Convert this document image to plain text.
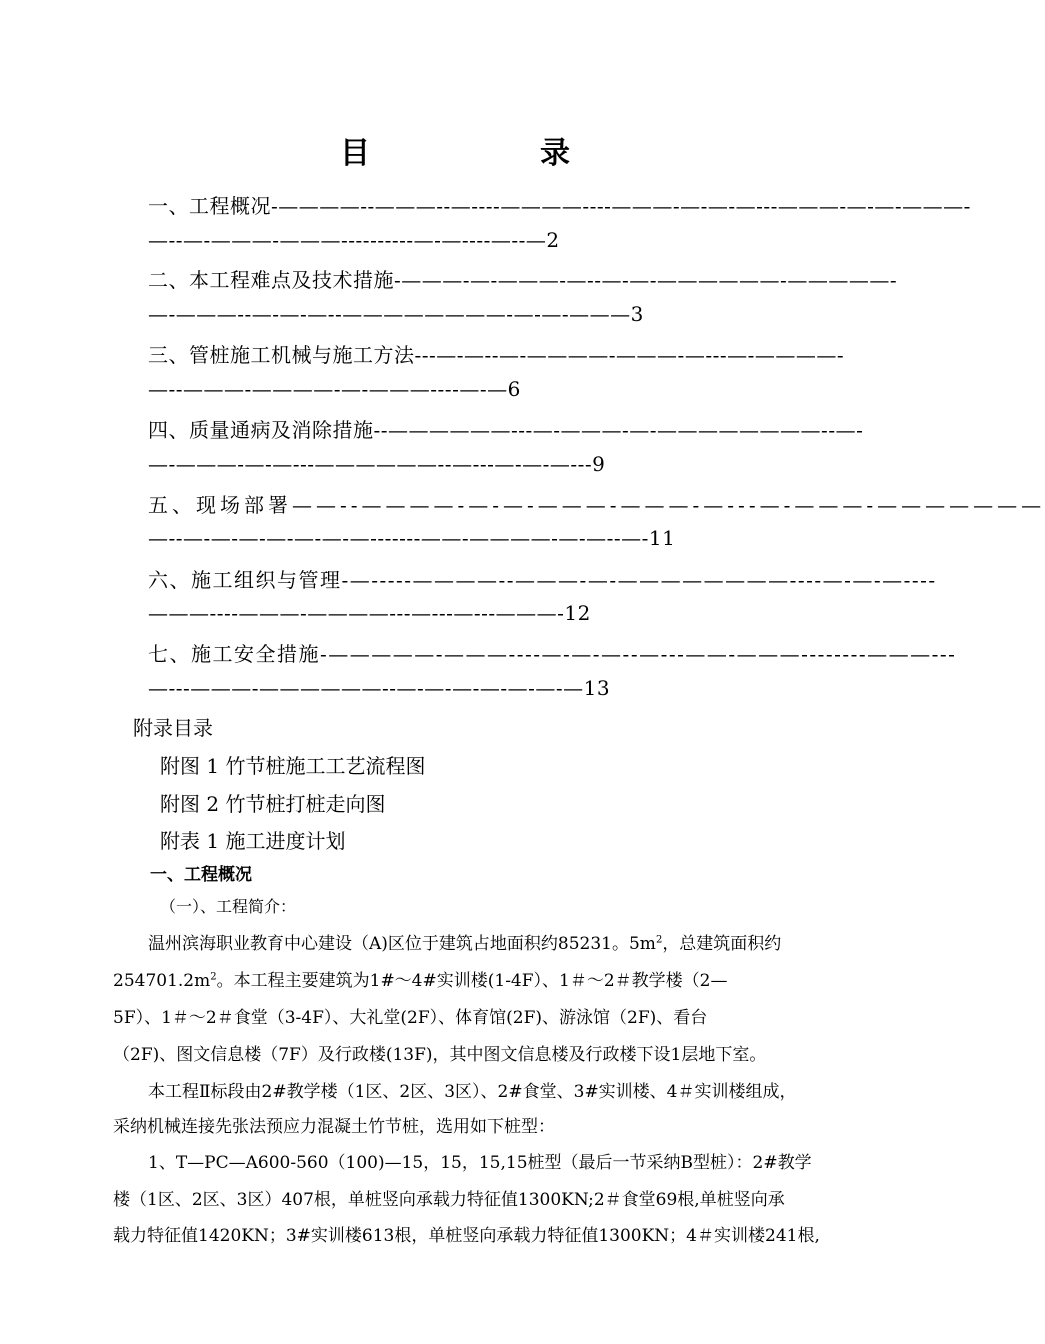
目　录
一、工程概况-————--———--—----————----———-—-—-—---———-—-—-———-
—--—-———-———----------—-—----—--—2
二、本工程难点及技术措施-———-—-———-—--—-—-——————-—————-
—-———--—-—-—--————————-—-—-———3
三、管桩施工机械与施工方法---—-—--—-————-———-—---—-————-
—--———-————-—-———----—-—6
四、质量通病及消除措施--——————---—-———-—-————————--—-
—-———-—-—---——————--—---—-—-—---9
五、现场部署——--————-—-—-———-———-—---—-———-———————
—--—-—-—-—-—-—-—-------——-————-—-—--—-11
六、施工组织与管理-—-----————--———-—-————————----—-—-—----
———----———-————---—---—---———-12
七、施工安全措施-—————-———----—-—-—--—---——-———--------———---
—---———-——————--—-—-—-—-—-—-—13
附录目录
附图 1 竹节桩施工工艺流程图
附图 2 竹节桩打桩走向图
附表 1 施工进度计划
一、工程概况
（一）、工程简介：
温州滨海职业教育中心建设（A)区位于建筑占地面积约85231。$5m^2$，总建筑面积约
$254701.2m^2$。本工程主要建筑为1#～4#实训楼(1-4F）、1＃～2＃教学楼（2—
5F）、1＃～2＃食堂（3-4F）、大礼堂(2F）、体育馆(2F)、游泳馆（2F)、看台
（2F)、图文信息楼（7F）及行政楼(13F)，其中图文信息楼及行政楼下设1层地下室。
本工程Ⅱ标段由2#教学楼（1区、2区、3区）、2#食堂、3#实训楼、4＃实训楼组成，
采纳机械连接先张法预应力混凝土竹节桩，选用如下桩型：
1、T—PC—A600-560（100)—15，15，15,15桩型（最后一节采纳B型桩）：2#教学
楼（1区、2区、3区）407根，单桩竖向承载力特征值1300KN;2＃食堂69根,单桩竖向承
载力特征值1420KN；3#实训楼613根，单桩竖向承载力特征值1300KN；4＃实训楼241根,
